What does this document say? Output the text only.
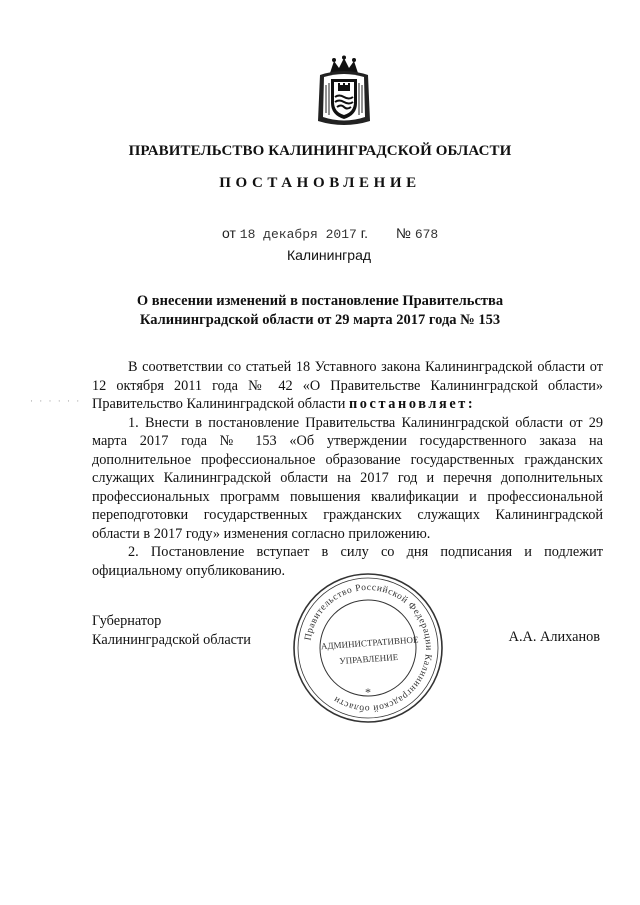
ПРАВИТЕЛЬСТВО КАЛИНИНГРАДСКОЙ ОБЛАСТИ
ПОСТАНОВЛЕНИЕ
от 18 декабря 2017 г. № 678
Калининград
О внесении изменений в постановление Правительства
Калининградской области от 29 марта 2017 года № 153
· · · · · ·

В соответствии со статьей 18 Уставного закона Калининградской области от 12 октября 2011 года № 42 «О Правительстве Калининградской области» Правительство Калининградской области постановляет:

1. Внести в постановление Правительства Калининградской области от 29 марта 2017 года № 153 «Об утверждении государственного заказа на дополнительное профессиональное образование государственных гражданских служащих Калининградской области на 2017 год и перечня дополнительных профессиональных программ повышения квалификации и профессиональной переподготовки государственных гражданских служащих Калининградской области в 2017 году» изменения согласно приложению.

2. Постановление вступает в силу со дня подписания и подлежит официальному опубликованию.

Губернатор
Калининградской области	Правительство Российской Федерации Калининградской области
АДМИНИСТРАТИВНОЕ
УПРАВЛЕНИЕ
*
А.А. Алиханов
